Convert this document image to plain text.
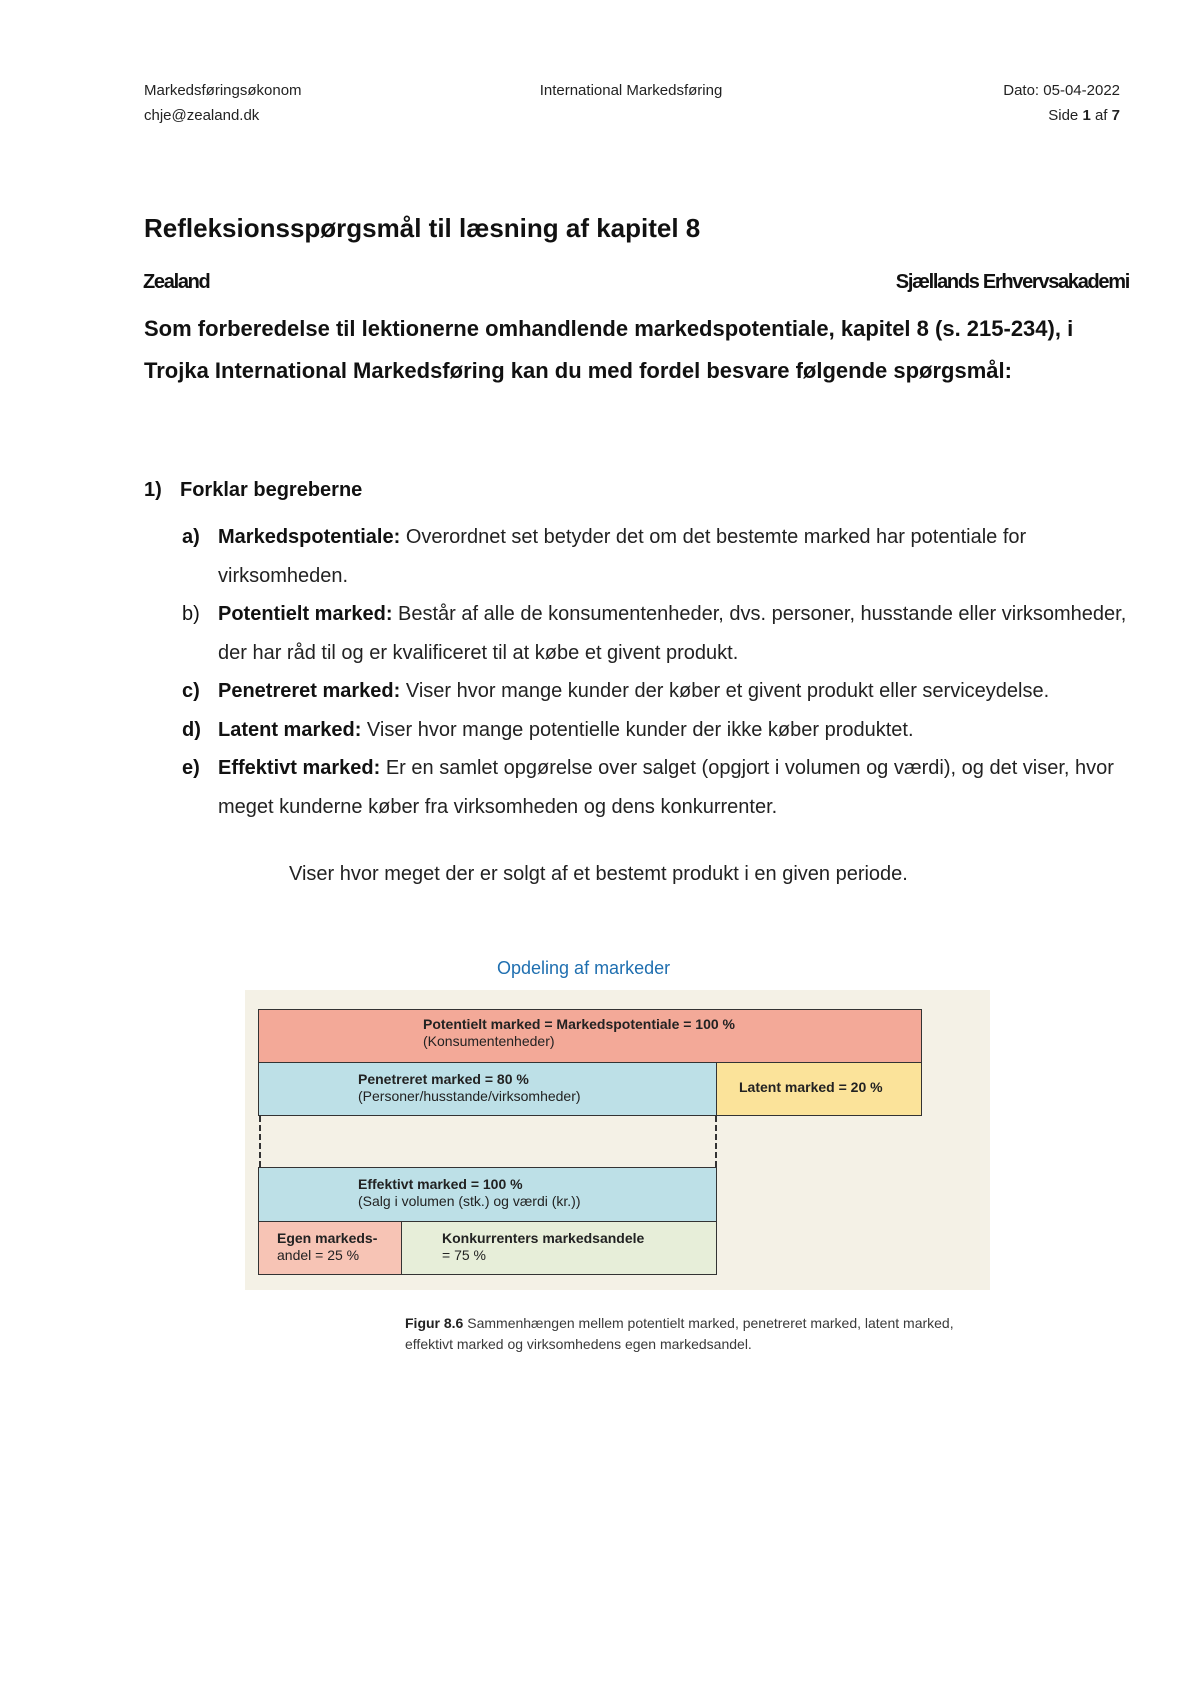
Markedsføringsøkonom
chje@zealand.dk
International Markedsføring	Dato: 05-04-2022
Side 1 af 7
Refleksionsspørgsmål til læsning af kapitel 8
Zealand	Sjællands Erhvervsakademi

Som forberedelse til lektionerne omhandlende markedspotentiale, kapitel 8 (s. 215-234), i Trojka International Markedsføring kan du med fordel besvare følgende spørgsmål:

1) Forklar begreberne
a) Markedspotentiale: Overordnet set betyder det om det bestemte marked har potentiale for virksomheden.
b) Potentielt marked: Består af alle de konsumentenheder, dvs. personer, husstande eller virksomheder, der har råd til og er kvalificeret til at købe et givent produkt.
c) Penetreret marked: Viser hvor mange kunder der køber et givent produkt eller serviceydelse.
d) Latent marked: Viser hvor mange potentielle kunder der ikke køber produktet.
e) Effektivt marked: Er en samlet opgørelse over salget (opgjort i volumen og værdi), og det viser, hvor meget kunderne køber fra virksomheden og dens konkurrenter.
Viser hvor meget der er solgt af et bestemt produkt i en given periode.
Opdeling af markeder
Potentielt marked = Markedspotentiale = 100 %
(Konsumentenheder)
Penetreret marked = 80 %
(Personer/husstande/virksomheder)
Latent marked = 20 %
Effektivt marked = 100 %
(Salg i volumen (stk.) og værdi (kr.))
Egen markeds-
andel = 25 %
Konkurrenters markedsandele
= 75 %

Figur 8.6 Sammenhængen mellem potentielt marked, penetreret marked, latent marked, effektivt marked og virksomhedens egen markedsandel.
